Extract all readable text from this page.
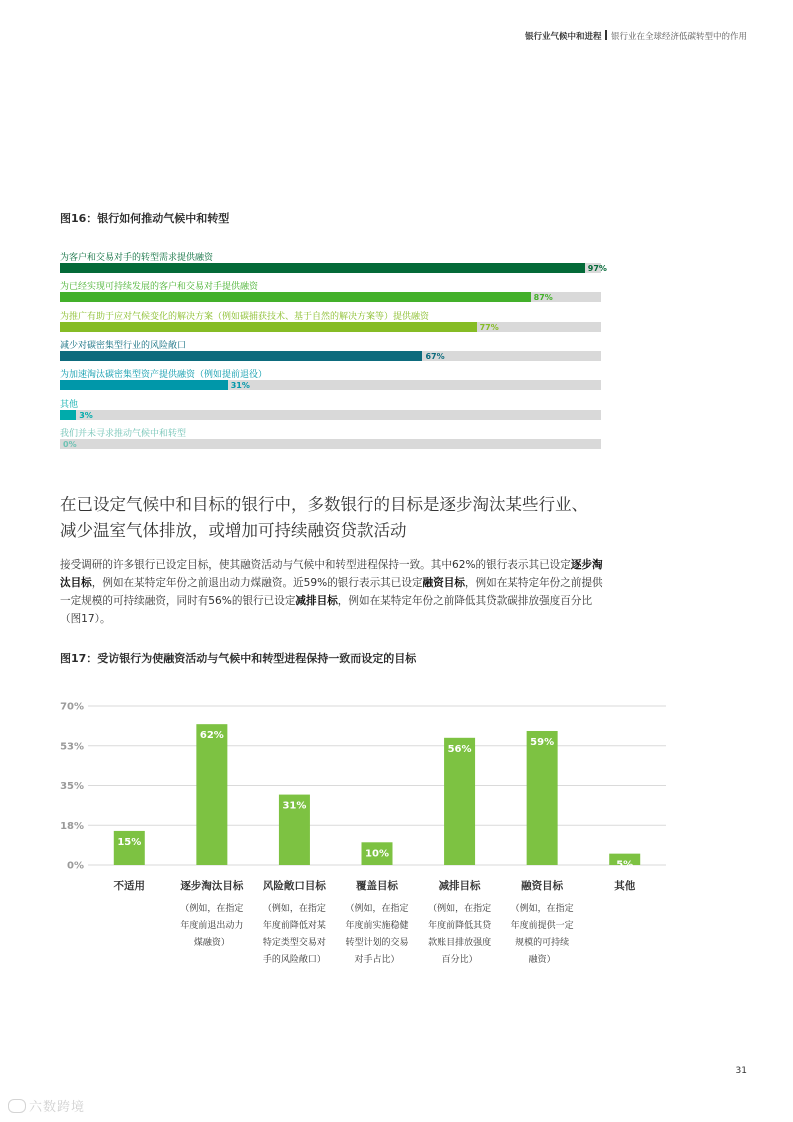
银行业气候中和进程 银行业在全球经济低碳转型中的作用
图16：银行如何推动气候中和转型
为客户和交易对手的转型需求提供融资
97%
为已经实现可持续发展的客户和交易对手提供融资
87%
为推广有助于应对气候变化的解决方案（例如碳捕获技术、基于自然的解决方案等）提供融资
77%
减少对碳密集型行业的风险敞口
67%
为加速淘汰碳密集型资产提供融资（例如提前退役）
31%
其他
3%
我们并未寻求推动气候中和转型
0%
在已设定气候中和目标的银行中，多数银行的目标是逐步淘汰某些行业、
减少温室气体排放，或增加可持续融资贷款活动
接受调研的许多银行已设定目标，使其融资活动与气候中和转型进程保持一致。其中62%的银行表示其已设定逐步淘汰目标，例如在某特定年份之前退出动力煤融资。近59%的银行表示其已设定融资目标，例如在某特定年份之前提供一定规模的可持续融资，同时有56%的银行已设定减排目标，例如在某特定年份之前降低其贷款碳排放强度百分比（图17）。
图17：受访银行为使融资活动与气候中和转型进程保持一致而设定的目标
70%
53%
35%
18%
0%
15%
不适用
62%
逐步淘汰目标
（例如，在指定
年度前退出动力
煤融资）
31%
风险敞口目标
（例如，在指定
年度前降低对某
特定类型交易对
手的风险敞口）
10%
覆盖目标
（例如，在指定
年度前实施稳健
转型计划的交易
对手占比）
56%
减排目标
（例如，在指定
年度前降低其贷
款账目排放强度
百分比）
59%
融资目标
（例如，在指定
年度前提供一定
规模的可持续
融资）
5%
其他
31
六数跨境
